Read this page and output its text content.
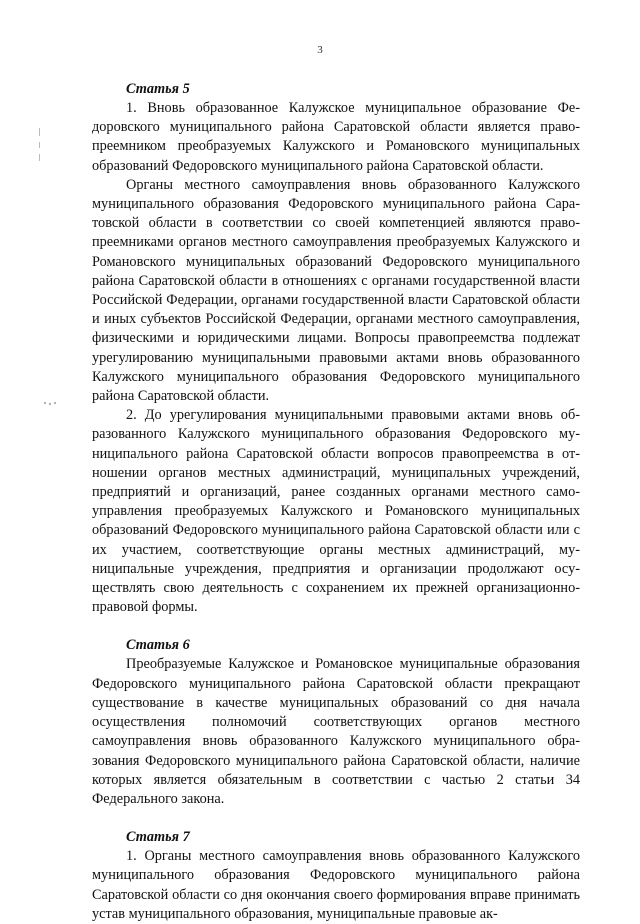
3
Статья 5

1. Вновь образованное Калужское муниципальное образование Федоровского муниципального района Саратовской области является правопреемником преобразуемых Калужского и Романовского муниципальных образований Федоровского муниципального района Саратовской области.

Органы местного самоуправления вновь образованного Калужского муниципального образования Федоровского муниципального района Саратовской области в соответствии со своей компетенцией являются правопреемниками органов местного самоуправления преобразуемых Калужского и Романовского муниципальных образований Федоровского муниципального района Саратовской области в отношениях с органами государственной власти Российской Федерации, органами государственной власти Саратовской области и иных субъектов Российской Федерации, органами местного самоуправления, физическими и юридическими лицами. Вопросы правопреемства подлежат урегулированию муниципальными правовыми актами вновь образованного Калужского муниципального образования Федоровского муниципального района Саратовской области.

2. До урегулирования муниципальными правовыми актами вновь образованного Калужского муниципального образования Федоровского муниципального района Саратовской области вопросов правопреемства в отношении органов местных администраций, муниципальных учреждений, предприятий и организаций, ранее созданных органами местного самоуправления преобразуемых Калужского и Романовского муниципальных образований Федоровского муниципального района Саратовской области или с их участием, соответствующие органы местных администраций, муниципальные учреждения, предприятия и организации продолжают осуществлять свою деятельность с сохранением их прежней организационно-правовой формы.

Статья 6

Преобразуемые Калужское и Романовское муниципальные образования Федоровского муниципального района Саратовской области прекращают существование в качестве муниципальных образований со дня начала осуществления полномочий соответствующих органов местного самоуправления вновь образованного Калужского муниципального образования Федоровского муниципального района Саратовской области, наличие которых является обязательным в соответствии с частью 2 статьи 34 Федерального закона.

Статья 7

1. Органы местного самоуправления вновь образованного Калужского муниципального образования Федоровского муниципального района Саратовской области со дня окончания своего формирования вправе принимать устав муниципального образования, муниципальные правовые ак-
